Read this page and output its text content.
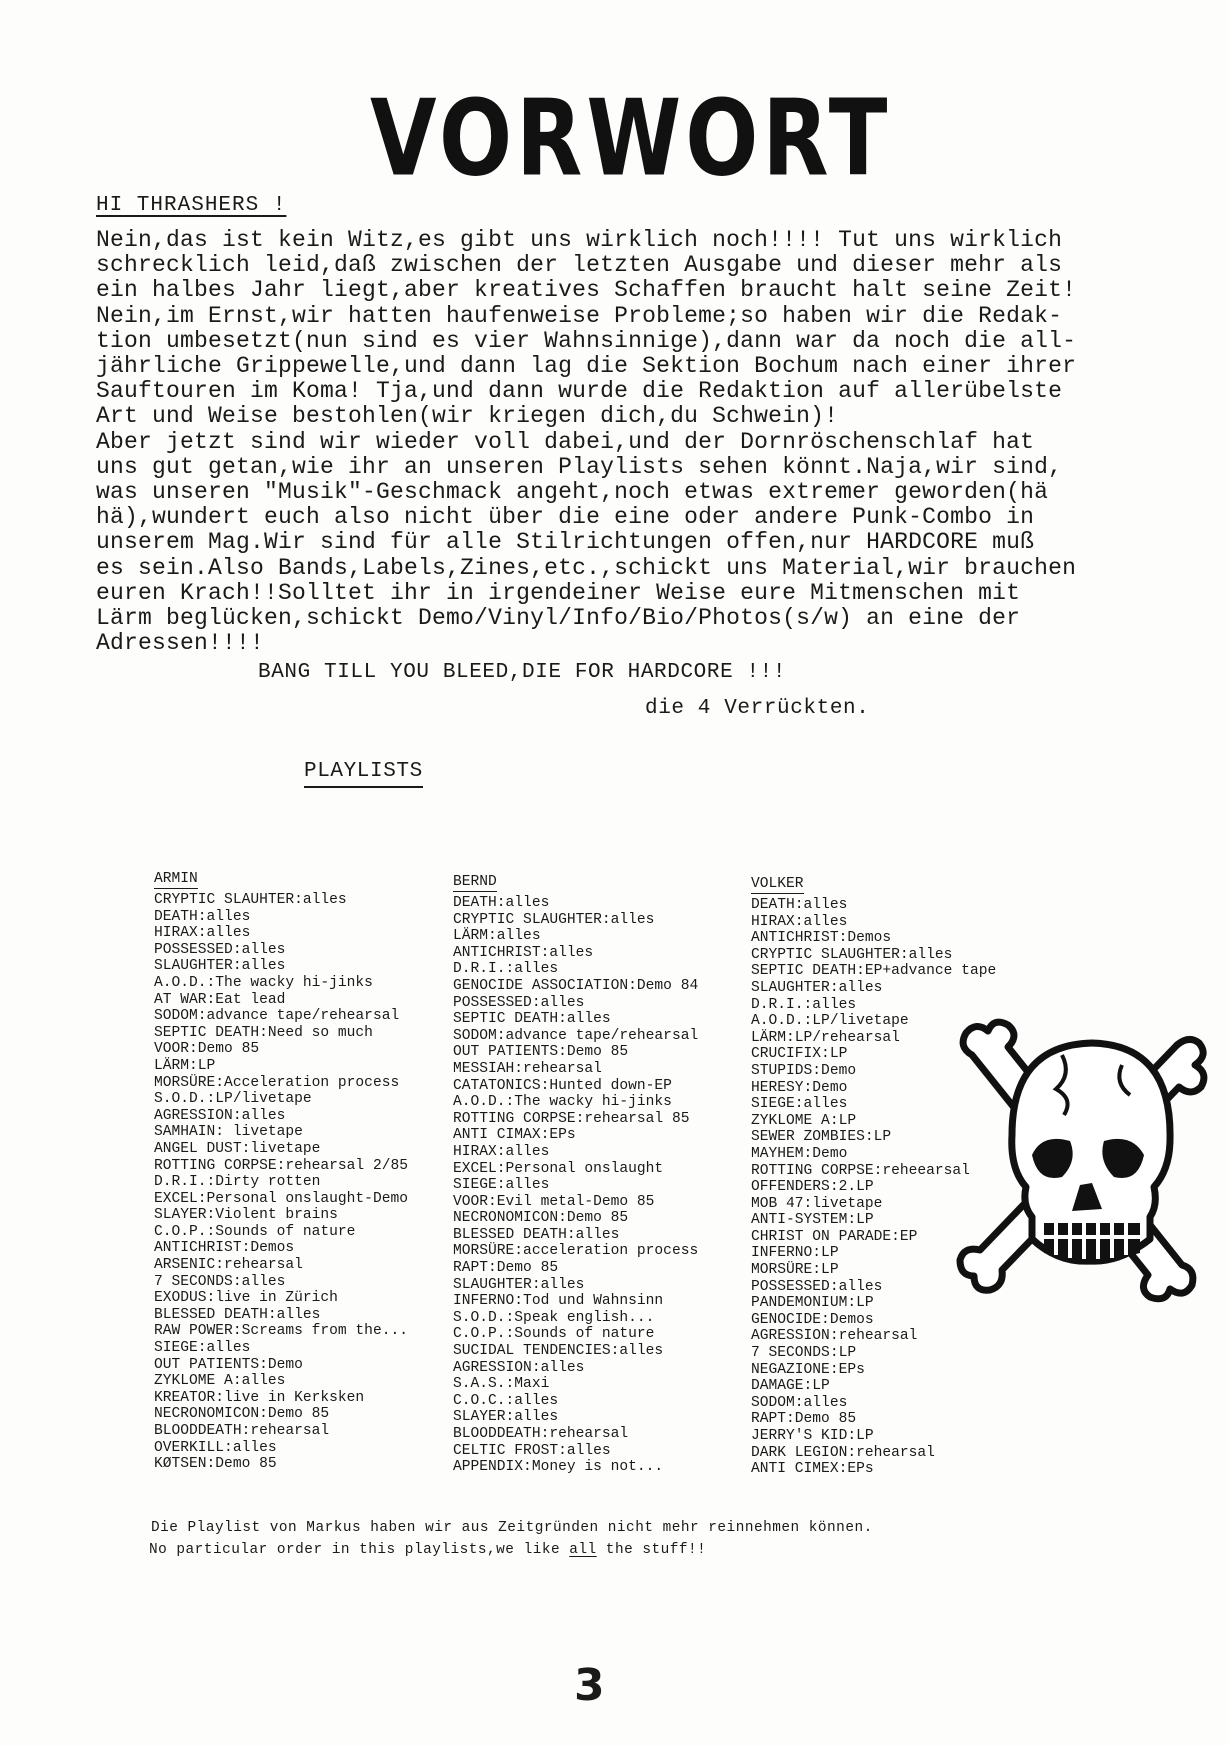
VORWORT
HI THRASHERS !
Nein,das ist kein Witz,es gibt uns wirklich noch!!!! Tut uns wirklich
schrecklich leid,daß zwischen der letzten Ausgabe und dieser mehr als
ein halbes Jahr liegt,aber kreatives Schaffen braucht halt seine Zeit!
Nein,im Ernst,wir hatten haufenweise Probleme;so haben wir die Redak-
tion umbesetzt(nun sind es vier Wahnsinnige),dann war da noch die all-
jährliche Grippewelle,und dann lag die Sektion Bochum nach einer ihrer
Sauftouren im Koma! Tja,und dann wurde die Redaktion auf allerübelste
Art und Weise bestohlen(wir kriegen dich,du Schwein)!
Aber jetzt sind wir wieder voll dabei,und der Dornröschenschlaf hat
uns gut getan,wie ihr an unseren Playlists sehen könnt.Naja,wir sind,
was unseren "Musik"-Geschmack angeht,noch etwas extremer geworden(hä
hä),wundert euch also nicht über die eine oder andere Punk-Combo in
unserem Mag.Wir sind für alle Stilrichtungen offen,nur HARDCORE muß
es sein.Also Bands,Labels,Zines,etc.,schickt uns Material,wir brauchen
euren Krach!!Solltet ihr in irgendeiner Weise eure Mitmenschen mit
Lärm beglücken,schickt Demo/Vinyl/Info/Bio/Photos(s/w) an eine der
Adressen!!!!
BANG TILL YOU BLEED,DIE FOR HARDCORE !!!
die 4 Verrückten.
PLAYLISTS
ARMIN
CRYPTIC SLAUHTER:alles
DEATH:alles
HIRAX:alles
POSSESSED:alles
SLAUGHTER:alles
A.O.D.:The wacky hi-jinks
AT WAR:Eat lead
SODOM:advance tape/rehearsal
SEPTIC DEATH:Need so much
VOOR:Demo 85
LÄRM:LP
MORSÜRE:Acceleration process
S.O.D.:LP/livetape
AGRESSION:alles
SAMHAIN: livetape
ANGEL DUST:livetape
ROTTING CORPSE:rehearsal 2/85
D.R.I.:Dirty rotten
EXCEL:Personal onslaught-Demo
SLAYER:Violent brains
C.O.P.:Sounds of nature
ANTICHRIST:Demos
ARSENIC:rehearsal
7 SECONDS:alles
EXODUS:live in Zürich
BLESSED DEATH:alles
RAW POWER:Screams from the...
SIEGE:alles
OUT PATIENTS:Demo
ZYKLOME A:alles
KREATOR:live in Kerksken
NECRONOMICON:Demo 85
BLOODDEATH:rehearsal
OVERKILL:alles
KØTSEN:Demo 85
BERND
DEATH:alles
CRYPTIC SLAUGHTER:alles
LÄRM:alles
ANTICHRIST:alles
D.R.I.:alles
GENOCIDE ASSOCIATION:Demo 84
POSSESSED:alles
SEPTIC DEATH:alles
SODOM:advance tape/rehearsal
OUT PATIENTS:Demo 85
MESSIAH:rehearsal
CATATONICS:Hunted down-EP
A.O.D.:The wacky hi-jinks
ROTTING CORPSE:rehearsal 85
ANTI CIMAX:EPs
HIRAX:alles
EXCEL:Personal onslaught
SIEGE:alles
VOOR:Evil metal-Demo 85
NECRONOMICON:Demo 85
BLESSED DEATH:alles
MORSÜRE:acceleration process
RAPT:Demo 85
SLAUGHTER:alles
INFERNO:Tod und Wahnsinn
S.O.D.:Speak english...
C.O.P.:Sounds of nature
SUCIDAL TENDENCIES:alles
AGRESSION:alles
S.A.S.:Maxi
C.O.C.:alles
SLAYER:alles
BLOODDEATH:rehearsal
CELTIC FROST:alles
APPENDIX:Money is not...
VOLKER
DEATH:alles
HIRAX:alles
ANTICHRIST:Demos
CRYPTIC SLAUGHTER:alles
SEPTIC DEATH:EP+advance tape
SLAUGHTER:alles
D.R.I.:alles
A.O.D.:LP/livetape
LÄRM:LP/rehearsal
CRUCIFIX:LP
STUPIDS:Demo
HERESY:Demo
SIEGE:alles
ZYKLOME A:LP
SEWER ZOMBIES:LP
MAYHEM:Demo
ROTTING CORPSE:reheearsal
OFFENDERS:2.LP
MOB 47:livetape
ANTI-SYSTEM:LP
CHRIST ON PARADE:EP
INFERNO:LP
MORSÜRE:LP
POSSESSED:alles
PANDEMONIUM:LP
GENOCIDE:Demos
AGRESSION:rehearsal
7 SECONDS:LP
NEGAZIONE:EPs
DAMAGE:LP
SODOM:alles
RAPT:Demo 85
JERRY'S KID:LP
DARK LEGION:rehearsal
ANTI CIMEX:EPs
Die Playlist von Markus haben wir aus Zeitgründen nicht mehr reinnehmen können.
No particular order in this playlists,we like all the stuff!!
3
